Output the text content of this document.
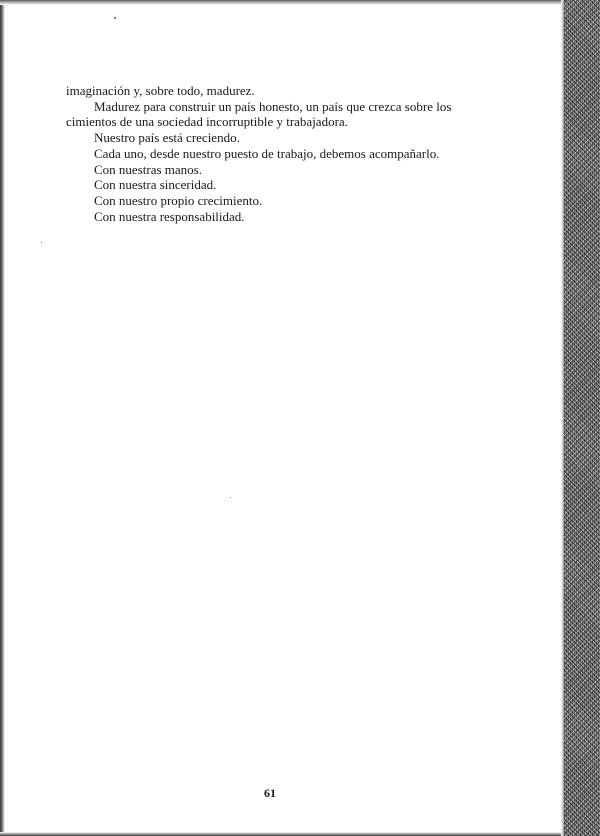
imaginación y, sobre todo, madurez.

Madurez para construir un país honesto, un país que crezca sobre los cimientos de una sociedad incorruptible y trabajadora.

Nuestro país está creciendo.

Cada uno, desde nuestro puesto de trabajo, debemos acompañarlo.

Con nuestras manos.

Con nuestra sinceridad.

Con nuestro propio crecimiento.

Con nuestra responsabilidad.

61
